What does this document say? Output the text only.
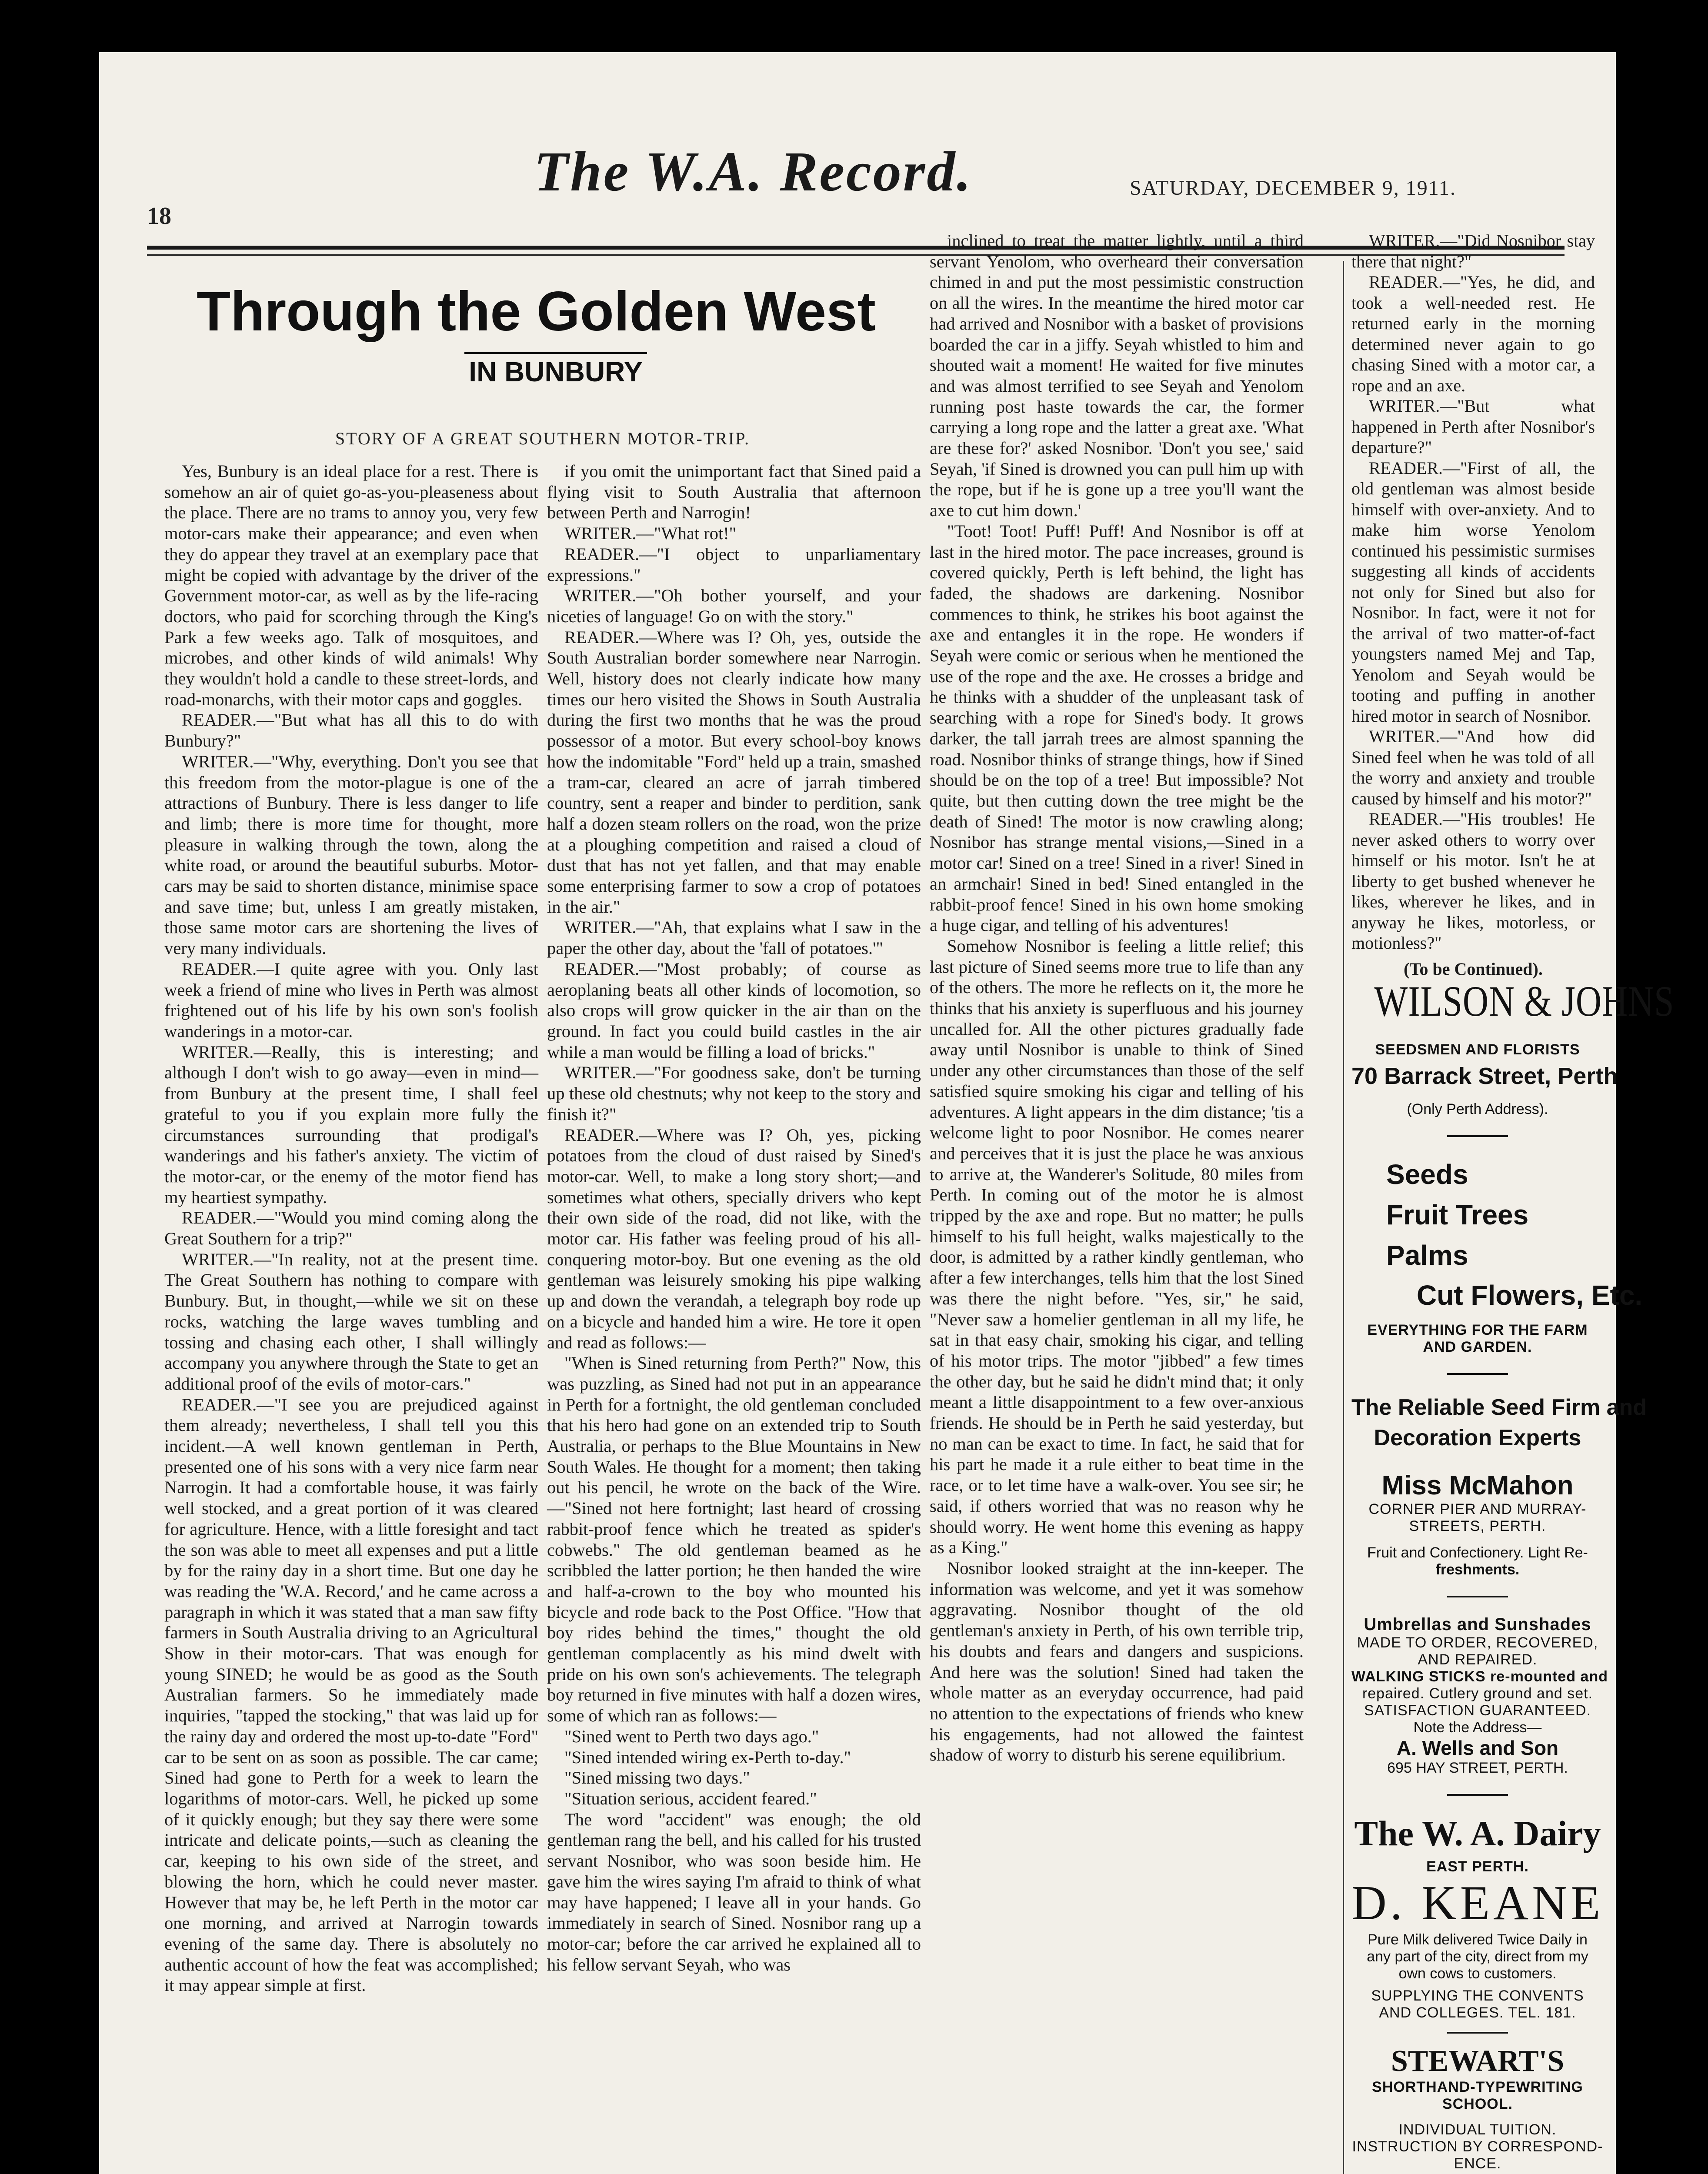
18
The W.A. Record.	SATURDAY, DECEMBER 9, 1911.
Through the Golden West
IN BUNBURY
STORY OF A GREAT SOUTHERN MOTOR-TRIP.

Yes, Bunbury is an ideal place for a rest. There is somehow an air of quiet go-as-you-pleaseness about the place. There are no trams to annoy you, very few motor-cars make their appearance; and even when they do appear they travel at an exemplary pace that might be copied with advantage by the driver of the Government motor-car, as well as by the life-racing doctors, who paid for scorching through the King's Park a few weeks ago. Talk of mosquitoes, and microbes, and other kinds of wild animals! Why they wouldn't hold a candle to these street-lords, and road-monarchs, with their motor caps and goggles.

READER.—"But what has all this to do with Bunbury?"

WRITER.—"Why, everything. Don't you see that this freedom from the motor-plague is one of the attractions of Bunbury. There is less danger to life and limb; there is more time for thought, more pleasure in walking through the town, along the white road, or around the beautiful suburbs. Motor-cars may be said to shorten distance, minimise space and save time; but, unless I am greatly mistaken, those same motor cars are shortening the lives of very many individuals.

READER.—I quite agree with you. Only last week a friend of mine who lives in Perth was almost frightened out of his life by his own son's foolish wanderings in a motor-car.

WRITER.—Really, this is interesting; and although I don't wish to go away—even in mind—from Bunbury at the present time, I shall feel grateful to you if you explain more fully the circumstances surrounding that prodigal's wanderings and his father's anxiety. The victim of the motor-car, or the enemy of the motor fiend has my heartiest sympathy.

READER.—"Would you mind coming along the Great Southern for a trip?"

WRITER.—"In reality, not at the present time. The Great Southern has nothing to compare with Bunbury. But, in thought,—while we sit on these rocks, watching the large waves tumbling and tossing and chasing each other, I shall willingly accompany you anywhere through the State to get an additional proof of the evils of motor-cars."

READER.—"I see you are prejudiced against them already; nevertheless, I shall tell you this incident.—A well known gentleman in Perth, presented one of his sons with a very nice farm near Narrogin. It had a comfortable house, it was fairly well stocked, and a great portion of it was cleared for agriculture. Hence, with a little foresight and tact the son was able to meet all expenses and put a little by for the rainy day in a short time. But one day he was reading the 'W.A. Record,' and he came across a paragraph in which it was stated that a man saw fifty farmers in South Australia driving to an Agricultural Show in their motor-cars. That was enough for young SINED; he would be as good as the South Australian farmers. So he immediately made inquiries, "tapped the stocking," that was laid up for the rainy day and ordered the most up-to-date "Ford" car to be sent on as soon as possible. The car came; Sined had gone to Perth for a week to learn the logarithms of motor-cars. Well, he picked up some of it quickly enough; but they say there were some intricate and delicate points,—such as cleaning the car, keeping to his own side of the street, and blowing the horn, which he could never master. However that may be, he left Perth in the motor car one morning, and arrived at Narrogin towards evening of the same day. There is absolutely no authentic account of how the feat was accomplished; it may appear simple at first.

if you omit the unimportant fact that Sined paid a flying visit to South Australia that afternoon between Perth and Narrogin!

WRITER.—"What rot!"

READER.—"I object to unparliamentary expressions."

WRITER.—"Oh bother yourself, and your niceties of language! Go on with the story."

READER.—Where was I? Oh, yes, outside the South Australian border somewhere near Narrogin. Well, history does not clearly indicate how many times our hero visited the Shows in South Australia during the first two months that he was the proud possessor of a motor. But every school-boy knows how the indomitable "Ford" held up a train, smashed a tram-car, cleared an acre of jarrah timbered country, sent a reaper and binder to perdition, sank half a dozen steam rollers on the road, won the prize at a ploughing competition and raised a cloud of dust that has not yet fallen, and that may enable some enterprising farmer to sow a crop of potatoes in the air."

WRITER.—"Ah, that explains what I saw in the paper the other day, about the 'fall of potatoes.'"

READER.—"Most probably; of course as aeroplaning beats all other kinds of locomotion, so also crops will grow quicker in the air than on the ground. In fact you could build castles in the air while a man would be filling a load of bricks."

WRITER.—"For goodness sake, don't be turning up these old chestnuts; why not keep to the story and finish it?"

READER.—Where was I? Oh, yes, picking potatoes from the cloud of dust raised by Sined's motor-car. Well, to make a long story short;—and sometimes what others, specially drivers who kept their own side of the road, did not like, with the motor car. His father was feeling proud of his all-conquering motor-boy. But one evening as the old gentleman was leisurely smoking his pipe walking up and down the verandah, a telegraph boy rode up on a bicycle and handed him a wire. He tore it open and read as follows:—

"When is Sined returning from Perth?" Now, this was puzzling, as Sined had not put in an appearance in Perth for a fortnight, the old gentleman concluded that his hero had gone on an extended trip to South Australia, or perhaps to the Blue Mountains in New South Wales. He thought for a moment; then taking out his pencil, he wrote on the back of the Wire.—"Sined not here fortnight; last heard of crossing rabbit-proof fence which he treated as spider's cobwebs." The old gentleman beamed as he scribbled the latter portion; he then handed the wire and half-a-crown to the boy who mounted his bicycle and rode back to the Post Office. "How that boy rides behind the times," thought the old gentleman complacently as his mind dwelt with pride on his own son's achievements. The telegraph boy returned in five minutes with half a dozen wires, some of which ran as follows:—

"Sined went to Perth two days ago."

"Sined intended wiring ex-Perth to-day."

"Sined missing two days."

"Situation serious, accident feared."

The word "accident" was enough; the old gentleman rang the bell, and his called for his trusted servant Nosnibor, who was soon beside him. He gave him the wires saying I'm afraid to think of what may have happened; I leave all in your hands. Go immediately in search of Sined. Nosnibor rang up a motor-car; before the car arrived he explained all to his fellow servant Seyah, who was

inclined to treat the matter lightly, until a third servant Yenolom, who overheard their conversation chimed in and put the most pessimistic construction on all the wires. In the meantime the hired motor car had arrived and Nosnibor with a basket of provisions boarded the car in a jiffy. Seyah whistled to him and shouted wait a moment! He waited for five minutes and was almost terrified to see Seyah and Yenolom running post haste towards the car, the former carrying a long rope and the latter a great axe. 'What are these for?' asked Nosnibor. 'Don't you see,' said Seyah, 'if Sined is drowned you can pull him up with the rope, but if he is gone up a tree you'll want the axe to cut him down.'

"Toot! Toot! Puff! Puff! And Nosnibor is off at last in the hired motor. The pace increases, ground is covered quickly, Perth is left behind, the light has faded, the shadows are darkening. Nosnibor commences to think, he strikes his boot against the axe and entangles it in the rope. He wonders if Seyah were comic or serious when he mentioned the use of the rope and the axe. He crosses a bridge and he thinks with a shudder of the unpleasant task of searching with a rope for Sined's body. It grows darker, the tall jarrah trees are almost spanning the road. Nosnibor thinks of strange things, how if Sined should be on the top of a tree! But impossible? Not quite, but then cutting down the tree might be the death of Sined! The motor is now crawling along; Nosnibor has strange mental visions,—Sined in a motor car! Sined on a tree! Sined in a river! Sined in an armchair! Sined in bed! Sined entangled in the rabbit-proof fence! Sined in his own home smoking a huge cigar, and telling of his adventures!

Somehow Nosnibor is feeling a little relief; this last picture of Sined seems more true to life than any of the others. The more he reflects on it, the more he thinks that his anxiety is superfluous and his journey uncalled for. All the other pictures gradually fade away until Nosnibor is unable to think of Sined under any other circumstances than those of the self satisfied squire smoking his cigar and telling of his adventures. A light appears in the dim distance; 'tis a welcome light to poor Nosnibor. He comes nearer and perceives that it is just the place he was anxious to arrive at, the Wanderer's Solitude, 80 miles from Perth. In coming out of the motor he is almost tripped by the axe and rope. But no matter; he pulls himself to his full height, walks majestically to the door, is admitted by a rather kindly gentleman, who after a few interchanges, tells him that the lost Sined was there the night before. "Yes, sir," he said, "Never saw a homelier gentleman in all my life, he sat in that easy chair, smoking his cigar, and telling of his motor trips. The motor "jibbed" a few times the other day, but he said he didn't mind that; it only meant a little disappointment to a few over-anxious friends. He should be in Perth he said yesterday, but no man can be exact to time. In fact, he said that for his part he made it a rule either to beat time in the race, or to let time have a walk-over. You see sir; he said, if others worried that was no reason why he should worry. He went home this evening as happy as a King."

Nosnibor looked straight at the inn-keeper. The information was welcome, and yet it was somehow aggravating. Nosnibor thought of the old gentleman's anxiety in Perth, of his own terrible trip, his doubts and fears and dangers and suspicions. And here was the solution! Sined had taken the whole matter as an everyday occurrence, had paid no attention to the expectations of friends who knew his engagements, had not allowed the faintest shadow of worry to disturb his serene equilibrium.

WRITER.—"Did Nosnibor stay there that night?"

READER.—"Yes, he did, and took a well-needed rest. He returned early in the morning determined never again to go chasing Sined with a motor car, a rope and an axe.

WRITER.—"But what happened in Perth after Nosnibor's departure?"

READER.—"First of all, the old gentleman was almost beside himself with over-anxiety. And to make him worse Yenolom continued his pessimistic surmises suggesting all kinds of accidents not only for Sined but also for Nosnibor. In fact, were it not for the arrival of two matter-of-fact youngsters named Mej and Tap, Yenolom and Seyah would be tooting and puffing in another hired motor in search of Nosnibor.

WRITER.—"And how did Sined feel when he was told of all the worry and anxiety and trouble caused by himself and his motor?"

READER.—"His troubles! He never asked others to worry over himself or his motor. Isn't he at liberty to get bushed whenever he likes, wherever he likes, and in anyway he likes, motorless, or motionless?"

(To be Continued).

WILSON & JOHNS
SEEDSMEN AND FLORISTS
70 Barrack Street, Perth
(Only Perth Address).
Seeds
Fruit Trees
Palms
Cut Flowers, Etc.
EVERYTHING FOR THE FARM
AND GARDEN.
The Reliable Seed Firm and
Decoration Experts
Miss McMahon
CORNER PIER AND MURRAY-
STREETS, PERTH.
Fruit and Confectionery. Light Re-
freshments.
Umbrellas and Sunshades
MADE TO ORDER, RECOVERED,
AND REPAIRED.
WALKING STICKS re-mounted and
repaired. Cutlery ground and set.
SATISFACTION GUARANTEED.
Note the Address—
A. Wells and Son
695 HAY STREET, PERTH.
The W. A. Dairy
EAST PERTH.
D. KEANE
Pure Milk delivered Twice Daily in
any part of the city, direct from my
own cows to customers.
SUPPLYING THE CONVENTS
AND COLLEGES. TEL. 181.
STEWART'S
SHORTHAND-TYPEWRITING
SCHOOL.
INDIVIDUAL TUITION.
INSTRUCTION BY CORRESPOND-
ENCE.
